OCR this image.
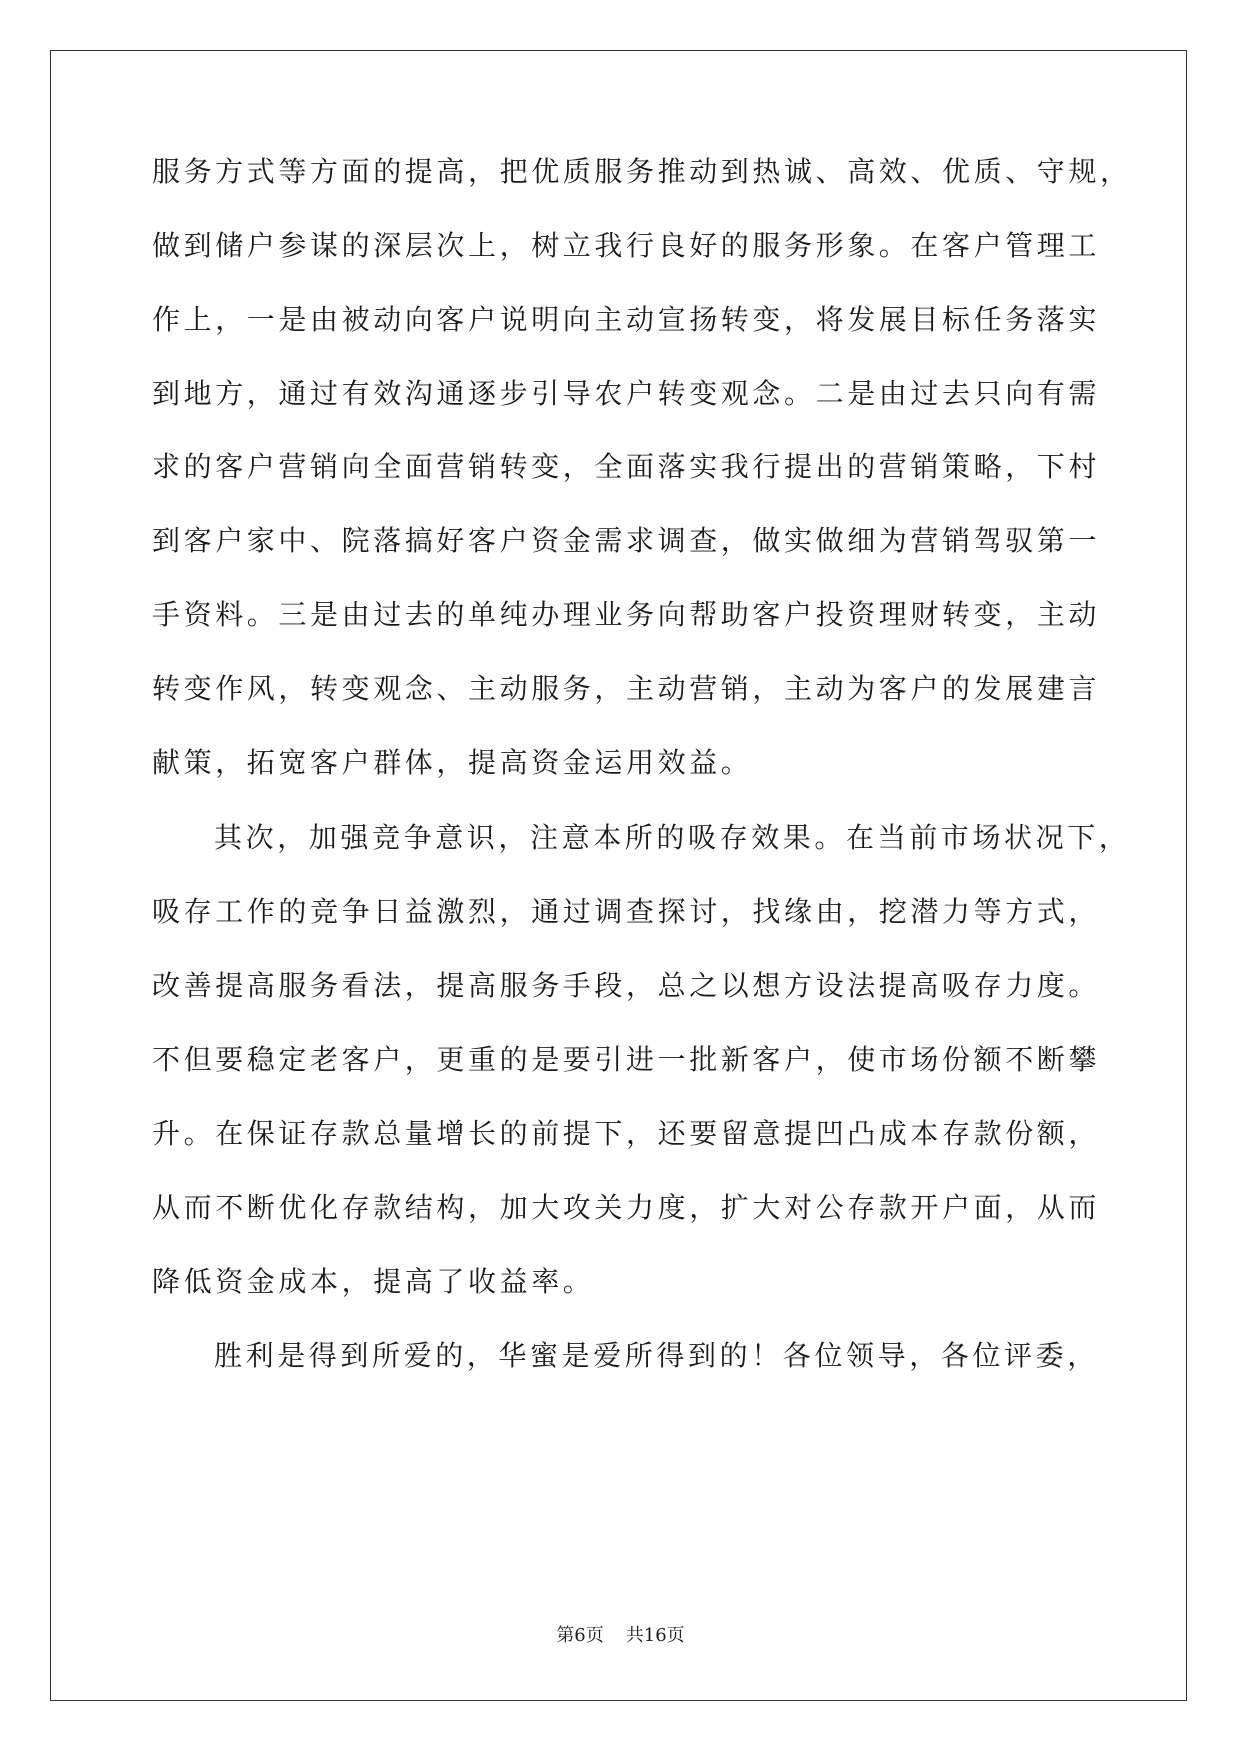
服务方式等方面的提高，把优质服务推动到热诚、高效、优质、守规，
做到储户参谋的深层次上，树立我行良好的服务形象。在客户管理工
作上，一是由被动向客户说明向主动宣扬转变，将发展目标任务落实
到地方，通过有效沟通逐步引导农户转变观念。二是由过去只向有需
求的客户营销向全面营销转变，全面落实我行提出的营销策略，下村
到客户家中、院落搞好客户资金需求调查，做实做细为营销驾驭第一
手资料。三是由过去的单纯办理业务向帮助客户投资理财转变，主动
转变作风，转变观念、主动服务，主动营销，主动为客户的发展建言
献策，拓宽客户群体，提高资金运用效益。
其次，加强竞争意识，注意本所的吸存效果。在当前市场状况下，
吸存工作的竞争日益激烈，通过调查探讨，找缘由，挖潜力等方式，
改善提高服务看法，提高服务手段，总之以想方设法提高吸存力度。
不但要稳定老客户，更重的是要引进一批新客户，使市场份额不断攀
升。在保证存款总量增长的前提下，还要留意提凹凸成本存款份额，
从而不断优化存款结构，加大攻关力度，扩大对公存款开户面，从而
降低资金成本，提高了收益率。
胜利是得到所爱的，华蜜是爱所得到的！各位领导，各位评委，
第6页 共16页
